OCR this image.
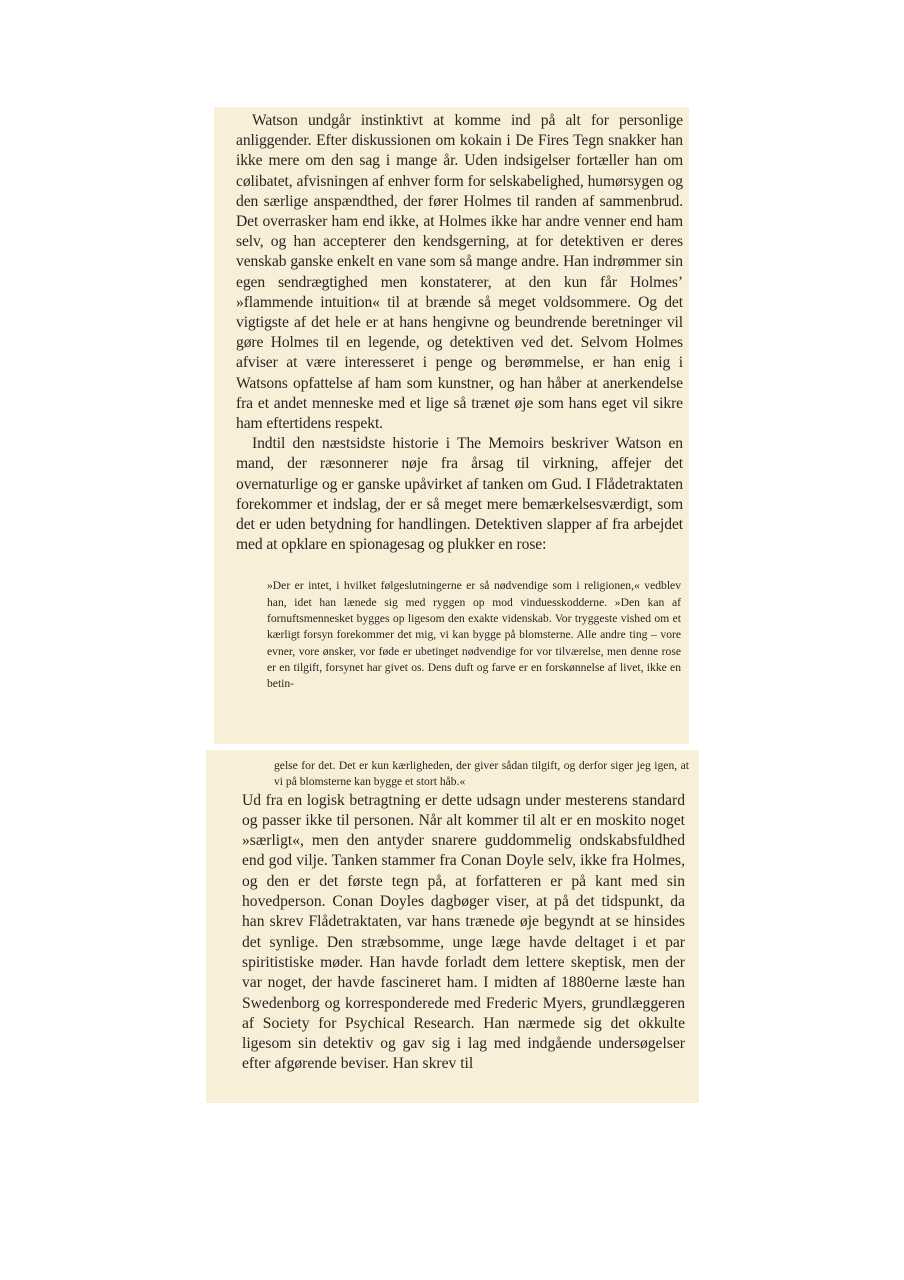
Watson undgår instinktivt at komme ind på alt for personlige anliggender. Efter diskussionen om kokain i De Fires Tegn snakker han ikke mere om den sag i mange år. Uden indsigelser fortæller han om cølibatet, afvisningen af enhver form for selskabelighed, humørsygen og den særlige anspændthed, der fører Holmes til randen af sammenbrud. Det overrasker ham end ikke, at Holmes ikke har andre venner end ham selv, og han accepterer den kendsgerning, at for detektiven er deres venskab ganske enkelt en vane som så mange andre. Han indrømmer sin egen sendrægtighed men konstaterer, at den kun får Holmes’ »flammende intuition« til at brænde så meget voldsommere. Og det vigtigste af det hele er at hans hengivne og beundrende beretninger vil gøre Holmes til en legende, og detektiven ved det. Selvom Holmes afviser at være interesseret i penge og berømmelse, er han enig i Watsons opfattelse af ham som kunstner, og han håber at anerkendelse fra et andet menneske med et lige så trænet øje som hans eget vil sikre ham eftertidens respekt.

Indtil den næstsidste historie i The Memoirs beskriver Watson en mand, der ræsonnerer nøje fra årsag til virkning, affejer det overnaturlige og er ganske upåvirket af tanken om Gud. I Flådetraktaten forekommer et indslag, der er så meget mere bemærkelsesværdigt, som det er uden betydning for handlingen. Detektiven slapper af fra arbejdet med at opklare en spionagesag og plukker en rose:

»Der er intet, i hvilket følgeslutningerne er så nødvendige som i religionen,« vedblev han, idet han lænede sig med ryggen op mod vinduesskodderne. »Den kan af fornuftsmennesket bygges op ligesom den exakte videnskab. Vor tryggeste vished om et kærligt forsyn forekommer det mig, vi kan bygge på blomsterne. Alle andre ting – vore evner, vore ønsker, vor føde er ubetinget nødvendige for vor tilværelse, men denne rose er en tilgift, forsynet har givet os. Dens duft og farve er en forskønnelse af livet, ikke en betin-

gelse for det. Det er kun kærligheden, der giver sådan tilgift, og derfor siger jeg igen, at vi på blomsterne kan bygge et stort håb.«

Ud fra en logisk betragtning er dette udsagn under mesterens standard og passer ikke til personen. Når alt kommer til alt er en moskito noget »særligt«, men den antyder snarere guddommelig ondskabsfuldhed end god vilje. Tanken stammer fra Conan Doyle selv, ikke fra Holmes, og den er det første tegn på, at forfatteren er på kant med sin hovedperson. Conan Doyles dagbøger viser, at på det tidspunkt, da han skrev Flådetraktaten, var hans trænede øje begyndt at se hinsides det synlige. Den stræbsomme, unge læge havde deltaget i et par spiritistiske møder. Han havde forladt dem lettere skeptisk, men der var noget, der havde fascineret ham. I midten af 1880erne læste han Swedenborg og korresponderede med Frederic Myers, grundlæggeren af Society for Psychical Research. Han nærmede sig det okkulte ligesom sin detektiv og gav sig i lag med indgående undersøgelser efter afgørende beviser. Han skrev til
